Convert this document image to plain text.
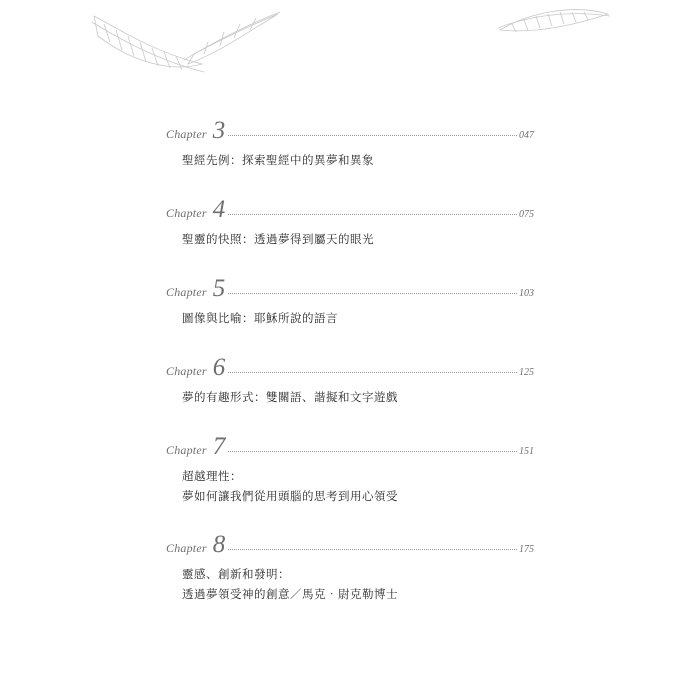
Chapter 3	047
聖經先例：探索聖經中的異夢和異象
Chapter 4	075
聖靈的快照：透過夢得到屬天的眼光
Chapter 5	103
圖像與比喻：耶穌所說的語言
Chapter 6	125
夢的有趣形式：雙關語、諧擬和文字遊戲
Chapter 7	151
超越理性：
夢如何讓我們從用頭腦的思考到用心領受
Chapter 8	175
靈感、創新和發明：
透過夢領受神的創意／馬克‧尉克勒博士
